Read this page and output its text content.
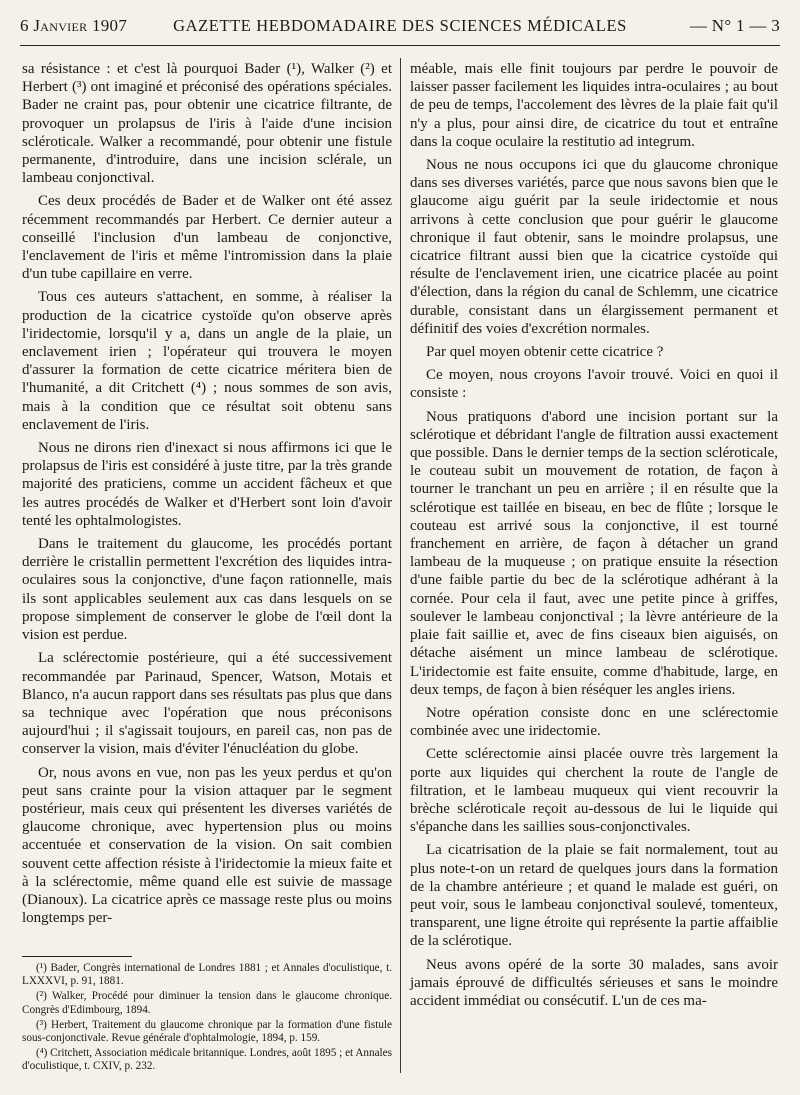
6 Janvier 1907	GAZETTE HEBDOMADAIRE DES SCIENCES MÉDICALES	— N° 1 — 3

sa résistance : et c'est là pourquoi Bader (¹), Walker (²) et Herbert (³) ont imaginé et préconisé des opérations spéciales. Bader ne craint pas, pour obtenir une cicatrice filtrante, de provoquer un prolapsus de l'iris à l'aide d'une incision scléroticale. Walker a recommandé, pour obtenir une fistule permanente, d'introduire, dans une incision sclérale, un lambeau conjonctival.

Ces deux procédés de Bader et de Walker ont été assez récemment recommandés par Herbert. Ce dernier auteur a conseillé l'inclusion d'un lambeau de conjonctive, l'enclavement de l'iris et même l'intromission dans la plaie d'un tube capillaire en verre.

Tous ces auteurs s'attachent, en somme, à réaliser la production de la cicatrice cystoïde qu'on observe après l'iridectomie, lorsqu'il y a, dans un angle de la plaie, un enclavement irien ; l'opérateur qui trouvera le moyen d'assurer la formation de cette cicatrice méritera bien de l'humanité, a dit Critchett (⁴) ; nous sommes de son avis, mais à la condition que ce résultat soit obtenu sans enclavement de l'iris.

Nous ne dirons rien d'inexact si nous affirmons ici que le prolapsus de l'iris est considéré à juste titre, par la très grande majorité des praticiens, comme un accident fâcheux et que les autres procédés de Walker et d'Herbert sont loin d'avoir tenté les ophtalmologistes.

Dans le traitement du glaucome, les procédés portant derrière le cristallin permettent l'excrétion des liquides intra-oculaires sous la conjonctive, d'une façon rationnelle, mais ils sont applicables seulement aux cas dans lesquels on se propose simplement de conserver le globe de l'œil dont la vision est perdue.

La sclérectomie postérieure, qui a été successivement recommandée par Parinaud, Spencer, Watson, Motais et Blanco, n'a aucun rapport dans ses résultats pas plus que dans sa technique avec l'opération que nous préconisons aujourd'hui ; il s'agissait toujours, en pareil cas, non pas de conserver la vision, mais d'éviter l'énucléation du globe.

Or, nous avons en vue, non pas les yeux perdus et qu'on peut sans crainte pour la vision attaquer par le segment postérieur, mais ceux qui présentent les diverses variétés de glaucome chronique, avec hypertension plus ou moins accentuée et conservation de la vision. On sait combien souvent cette affection résiste à l'iridectomie la mieux faite et à la sclérectomie, même quand elle est suivie de massage (Dianoux). La cicatrice après ce massage reste plus ou moins longtemps per-

méable, mais elle finit toujours par perdre le pouvoir de laisser passer facilement les liquides intra-oculaires ; au bout de peu de temps, l'accolement des lèvres de la plaie fait qu'il n'y a plus, pour ainsi dire, de cicatrice du tout et entraîne dans la coque oculaire la restitutio ad integrum.

Nous ne nous occupons ici que du glaucome chronique dans ses diverses variétés, parce que nous savons bien que le glaucome aigu guérit par la seule iridectomie et nous arrivons à cette conclusion que pour guérir le glaucome chronique il faut obtenir, sans le moindre prolapsus, une cicatrice filtrant aussi bien que la cicatrice cystoïde qui résulte de l'enclavement irien, une cicatrice placée au point d'élection, dans la région du canal de Schlemm, une cicatrice durable, consistant dans un élargissement permanent et définitif des voies d'excrétion normales.

Par quel moyen obtenir cette cicatrice ?

Ce moyen, nous croyons l'avoir trouvé. Voici en quoi il consiste :

Nous pratiquons d'abord une incision portant sur la sclérotique et débridant l'angle de filtration aussi exactement que possible. Dans le dernier temps de la section scléroticale, le couteau subit un mouvement de rotation, de façon à tourner le tranchant un peu en arrière ; il en résulte que la sclérotique est taillée en biseau, en bec de flûte ; lorsque le couteau est arrivé sous la conjonctive, il est tourné franchement en arrière, de façon à détacher un grand lambeau de la muqueuse ; on pratique ensuite la résection d'une faible partie du bec de la sclérotique adhérant à la cornée. Pour cela il faut, avec une petite pince à griffes, soulever le lambeau conjonctival ; la lèvre antérieure de la plaie fait saillie et, avec de fins ciseaux bien aiguisés, on détache aisément un mince lambeau de sclérotique. L'iridectomie est faite ensuite, comme d'habitude, large, en deux temps, de façon à bien réséquer les angles iriens.

Notre opération consiste donc en une sclérectomie combinée avec une iridectomie.

Cette sclérectomie ainsi placée ouvre très largement la porte aux liquides qui cherchent la route de l'angle de filtration, et le lambeau muqueux qui vient recouvrir la brèche scléroticale reçoit au-dessous de lui le liquide qui s'épanche dans les saillies sous-conjonctivales.

La cicatrisation de la plaie se fait normalement, tout au plus note-t-on un retard de quelques jours dans la formation de la chambre antérieure ; et quand le malade est guéri, on peut voir, sous le lambeau conjonctival soulevé, tomenteux, transparent, une ligne étroite qui représente la partie affaiblie de la sclérotique.

Neus avons opéré de la sorte 30 malades, sans avoir jamais éprouvé de difficultés sérieuses et sans le moindre accident immédiat ou consécutif. L'un de ces ma-

(¹) Bader, Congrès international de Londres 1881 ; et Annales d'oculistique, t. LXXXVI, p. 91, 1881.

(²) Walker, Procédé pour diminuer la tension dans le glaucome chronique. Congrès d'Edimbourg, 1894.

(³) Herbert, Traitement du glaucome chronique par la formation d'une fistule sous-conjonctivale. Revue générale d'ophtalmologie, 1894, p. 159.

(⁴) Critchett, Association médicale britannique. Londres, août 1895 ; et Annales d'oculistique, t. CXIV, p. 232.
